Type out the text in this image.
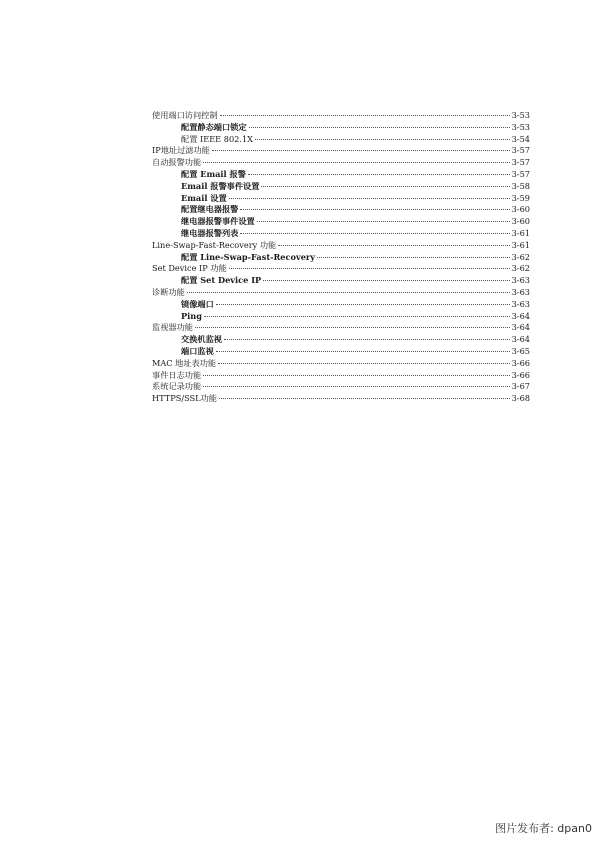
使用端口访问控制	3-53
配置静态端口锁定	3-53
配置 IEEE 802.1X	3-54
IP地址过滤功能	3-57
自动报警功能	3-57
配置 Email 报警	3-57
Email 报警事件设置	3-58
Email 设置	3-59
配置继电器报警	3-60
继电器报警事件设置	3-60
继电器报警列表	3-61
Line-Swap-Fast-Recovery 功能	3-61
配置 Line-Swap-Fast-Recovery	3-62
Set Device IP 功能	3-62
配置 Set Device IP	3-63
诊断功能	3-63
镜像端口	3-63
Ping	3-64
监视器功能	3-64
交换机监视	3-64
端口监视	3-65
MAC 地址表功能	3-66
事件日志功能	3-66
系统记录功能	3-67
HTTPS/SSL功能	3-68
图片发布者: dpan0
